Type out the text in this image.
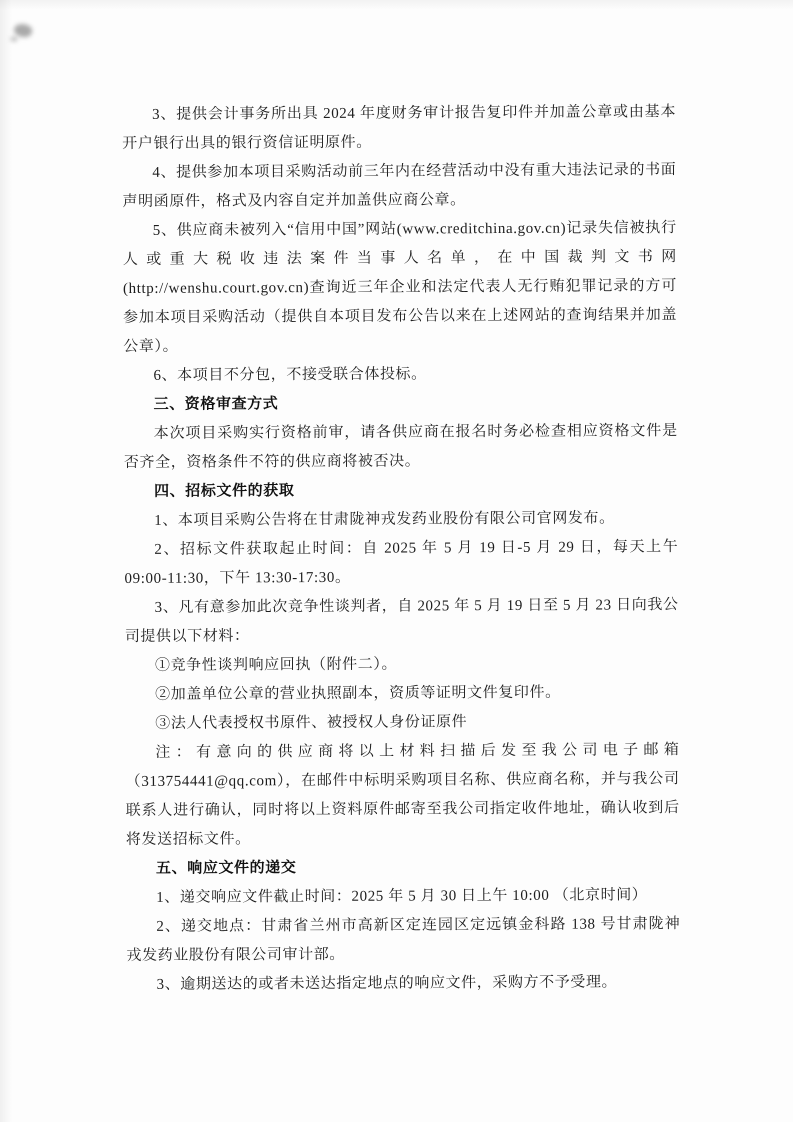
3、提供会计事务所出具 2024 年度财务审计报告复印件并加盖公章或由基本开户银行出具的银行资信证明原件。

4、提供参加本项目采购活动前三年内在经营活动中没有重大违法记录的书面声明函原件，格式及内容自定并加盖供应商公章。

5、供应商未被列入“信用中国”网站(www.creditchina.gov.cn)记录失信被执行人或重大税收违法案件当事人名单，在中国裁判文书网(http://wenshu.court.gov.cn)查询近三年企业和法定代表人无行贿犯罪记录的方可参加本项目采购活动（提供自本项目发布公告以来在上述网站的查询结果并加盖公章）。

6、本项目不分包，不接受联合体投标。

三、资格审查方式

本次项目采购实行资格前审，请各供应商在报名时务必检查相应资格文件是否齐全，资格条件不符的供应商将被否决。

四、招标文件的获取

1、本项目采购公告将在甘肃陇神戎发药业股份有限公司官网发布。

2、招标文件获取起止时间：自 2025 年 5 月 19 日-5 月 29 日，每天上午 09:00-11:30，下午 13:30-17:30。

3、凡有意参加此次竞争性谈判者，自 2025 年 5 月 19 日至 5 月 23 日向我公司提供以下材料：

①竞争性谈判响应回执（附件二）。

②加盖单位公章的营业执照副本，资质等证明文件复印件。

③法人代表授权书原件、被授权人身份证原件

注：有意向的供应商将以上材料扫描后发至我公司电子邮箱（313754441@qq.com），在邮件中标明采购项目名称、供应商名称，并与我公司联系人进行确认，同时将以上资料原件邮寄至我公司指定收件地址，确认收到后将发送招标文件。

五、响应文件的递交

1、递交响应文件截止时间：2025 年 5 月 30 日上午 10:00 （北京时间）

2、递交地点：甘肃省兰州市高新区定连园区定远镇金科路 138 号甘肃陇神戎发药业股份有限公司审计部。

3、逾期送达的或者未送达指定地点的响应文件，采购方不予受理。
